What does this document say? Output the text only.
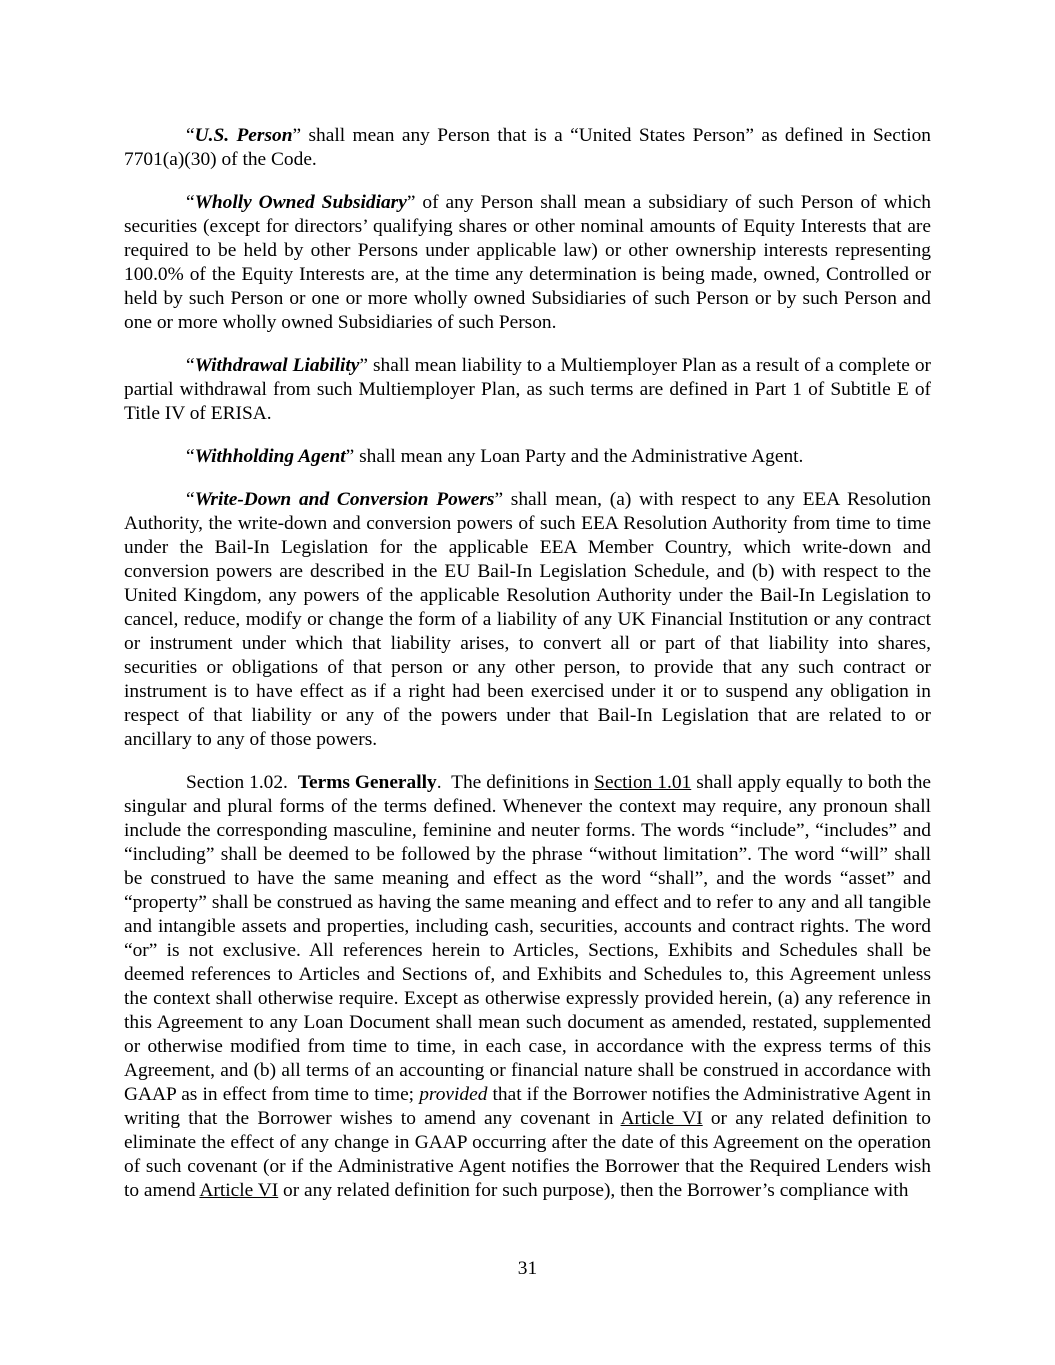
“U.S. Person” shall mean any Person that is a “United States Person” as defined in Section 7701(a)(30) of the Code.

“Wholly Owned Subsidiary” of any Person shall mean a subsidiary of such Person of which securities (except for directors’ qualifying shares or other nominal amounts of Equity Interests that are required to be held by other Persons under applicable law) or other ownership interests representing 100.0% of the Equity Interests are, at the time any determination is being made, owned, Controlled or held by such Person or one or more wholly owned Subsidiaries of such Person or by such Person and one or more wholly owned Subsidiaries of such Person.

“Withdrawal Liability” shall mean liability to a Multiemployer Plan as a result of a complete or partial withdrawal from such Multiemployer Plan, as such terms are defined in Part 1 of Subtitle E of Title IV of ERISA.

“Withholding Agent” shall mean any Loan Party and the Administrative Agent.

“Write-Down and Conversion Powers” shall mean, (a) with respect to any EEA Resolution Authority, the write-down and conversion powers of such EEA Resolution Authority from time to time under the Bail-In Legislation for the applicable EEA Member Country, which write-down and conversion powers are described in the EU Bail-In Legislation Schedule, and (b) with respect to the United Kingdom, any powers of the applicable Resolution Authority under the Bail-In Legislation to cancel, reduce, modify or change the form of a liability of any UK Financial Institution or any contract or instrument under which that liability arises, to convert all or part of that liability into shares, securities or obligations of that person or any other person, to provide that any such contract or instrument is to have effect as if a right had been exercised under it or to suspend any obligation in respect of that liability or any of the powers under that Bail-In Legislation that are related to or ancillary to any of those powers.

Section 1.02. Terms Generally.  The definitions in Section 1.01 shall apply equally to both the singular and plural forms of the terms defined. Whenever the context may require, any pronoun shall include the corresponding masculine, feminine and neuter forms. The words “include”, “includes” and “including” shall be deemed to be followed by the phrase “without limitation”. The word “will” shall be construed to have the same meaning and effect as the word “shall”, and the words “asset” and “property” shall be construed as having the same meaning and effect and to refer to any and all tangible and intangible assets and properties, including cash, securities, accounts and contract rights. The word “or” is not exclusive. All references herein to Articles, Sections, Exhibits and Schedules shall be deemed references to Articles and Sections of, and Exhibits and Schedules to, this Agreement unless the context shall otherwise require. Except as otherwise expressly provided herein, (a) any reference in this Agreement to any Loan Document shall mean such document as amended, restated, supplemented or otherwise modified from time to time, in each case, in accordance with the express terms of this Agreement, and (b) all terms of an accounting or financial nature shall be construed in accordance with GAAP as in effect from time to time; provided that if the Borrower notifies the Administrative Agent in writing that the Borrower wishes to amend any covenant in Article VI or any related definition to eliminate the effect of any change in GAAP occurring after the date of this Agreement on the operation of such covenant (or if the Administrative Agent notifies the Borrower that the Required Lenders wish to amend Article VI or any related definition for such purpose), then the Borrower’s compliance with

31
